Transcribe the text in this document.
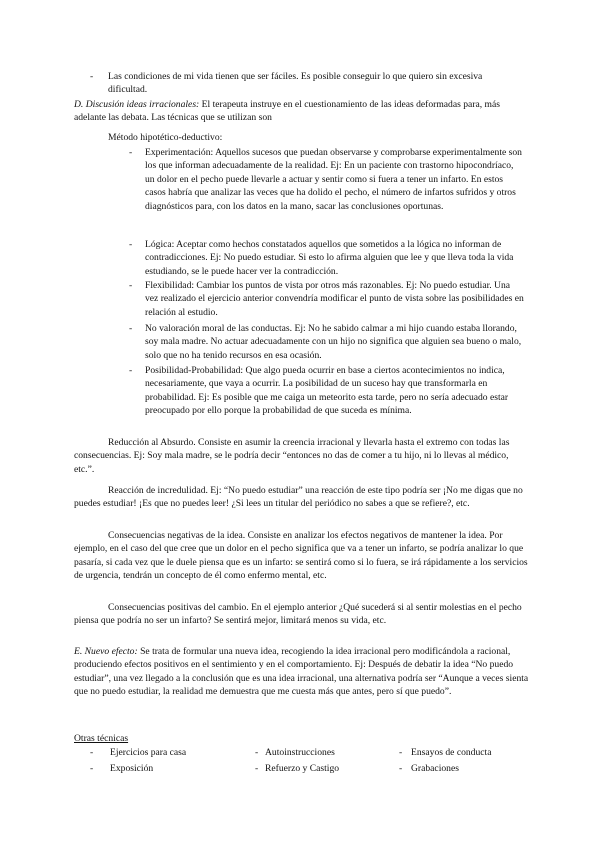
-	Las condiciones de mi vida tienen que ser fáciles. Es posible conseguir lo que quiero sin excesiva dificultad.

D. Discusión ideas irracionales: El terapeuta instruye en el cuestionamiento de las ideas deformadas para, más adelante las debata. Las técnicas que se utilizan son

Método hipotético-deductivo:

-	Experimentación: Aquellos sucesos que puedan observarse y comprobarse experimentalmente son los que informan adecuadamente de la realidad. Ej: En un paciente con trastorno hipocondríaco, un dolor en el pecho puede llevarle a actuar y sentir como si fuera a tener un infarto. En estos casos habría que analizar las veces que ha dolido el pecho, el número de infartos sufridos y otros diagnósticos para, con los datos en la mano, sacar las conclusiones oportunas.

-	Lógica: Aceptar como hechos constatados aquellos que sometidos a la lógica no informan de contradicciones. Ej: No puedo estudiar. Si esto lo afirma alguien que lee y que lleva toda la vida estudiando, se le puede hacer ver la contradicción.

-	Flexibilidad: Cambiar los puntos de vista por otros más razonables. Ej: No puedo estudiar. Una vez realizado el ejercicio anterior convendría modificar el punto de vista sobre las posibilidades en relación al estudio.

-	No valoración moral de las conductas. Ej: No he sabido calmar a mi hijo cuando estaba llorando, soy mala madre. No actuar adecuadamente con un hijo no significa que alguien sea bueno o malo, solo que no ha tenido recursos en esa ocasión.

-	Posibilidad-Probabilidad: Que algo pueda ocurrir en base a ciertos acontecimientos no indica, necesariamente, que vaya a ocurrir. La posibilidad de un suceso hay que transformarla en probabilidad. Ej: Es posible que me caiga un meteorito esta tarde, pero no sería adecuado estar preocupado por ello porque la probabilidad de que suceda es mínima.

Reducción al Absurdo. Consiste en asumir la creencia irracional y llevarla hasta el extremo con todas las consecuencias. Ej: Soy mala madre, se le podría decir “entonces no das de comer a tu hijo, ni lo llevas al médico, etc.”.

Reacción de incredulidad. Ej: “No puedo estudiar” una reacción de este tipo podría ser ¡No me digas que no puedes estudiar! ¡Es que no puedes leer! ¿Si lees un titular del periódico no sabes a que se refiere?, etc.

Consecuencias negativas de la idea. Consiste en analizar los efectos negativos de mantener la idea. Por ejemplo, en el caso del que cree que un dolor en el pecho significa que va a tener un infarto, se podría analizar lo que pasaría, si cada vez que le duele piensa que es un infarto: se sentirá como si lo fuera, se irá rápidamente a los servicios de urgencia, tendrán un concepto de él como enfermo mental, etc.

Consecuencias positivas del cambio. En el ejemplo anterior ¿Qué sucederá si al sentir molestias en el pecho piensa que podría no ser un infarto? Se sentirá mejor, limitará menos su vida, etc.

E. Nuevo efecto: Se trata de formular una nueva idea, recogiendo la idea irracional pero modificándola a racional, produciendo efectos positivos en el sentimiento y en el comportamiento. Ej: Después de debatir la idea “No puedo estudiar”, una vez llegado a la conclusión que es una idea irracional, una alternativa podría ser “Aunque a veces sienta que no puedo estudiar, la realidad me demuestra que me cuesta más que antes, pero sí que puedo”.

Otras técnicas

- Ejercicios para casa	- Autoinstrucciones	- Ensayos de conducta
- Exposición	- Refuerzo y Castigo	- Grabaciones
